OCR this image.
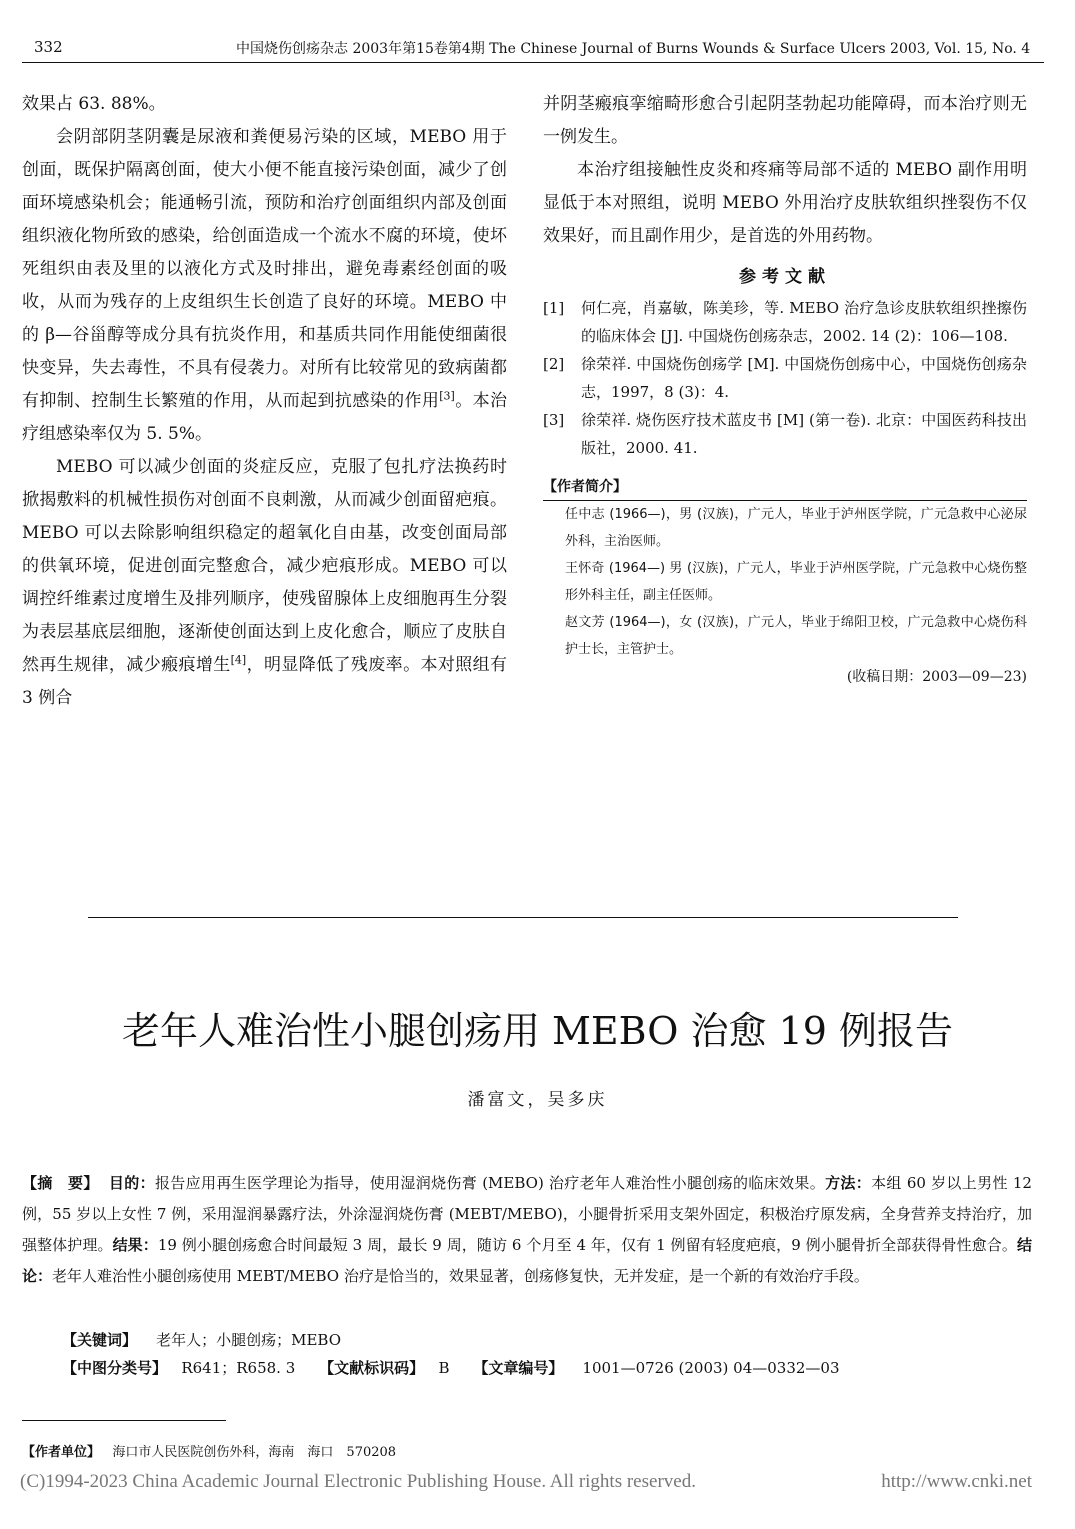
332	中国烧伤创疡杂志 2003年第15卷第4期 The Chinese Journal of Burns Wounds & Surface Ulcers 2003, Vol. 15, No. 4

效果占 63. 88%。

会阴部阴茎阴囊是尿液和粪便易污染的区域，MEBO 用于创面，既保护隔离创面，使大小便不能直接污染创面，减少了创面环境感染机会；能通畅引流，预防和治疗创面组织内部及创面组织液化物所致的感染，给创面造成一个流水不腐的环境，使坏死组织由表及里的以液化方式及时排出，避免毒素经创面的吸收，从而为残存的上皮组织生长创造了良好的环境。MEBO 中的 β—谷甾醇等成分具有抗炎作用，和基质共同作用能使细菌很快变异，失去毒性，不具有侵袭力。对所有比较常见的致病菌都有抑制、控制生长繁殖的作用，从而起到抗感染的作用[3]。本治疗组感染率仅为 5. 5%。

MEBO 可以减少创面的炎症反应，克服了包扎疗法换药时掀揭敷料的机械性损伤对创面不良刺激，从而减少创面留疤痕。MEBO 可以去除影响组织稳定的超氧化自由基，改变创面局部的供氧环境，促进创面完整愈合，减少疤痕形成。MEBO 可以调控纤维素过度增生及排列顺序，使残留腺体上皮细胞再生分裂为表层基底层细胞，逐渐使创面达到上皮化愈合，顺应了皮肤自然再生规律，减少瘢痕增生[4]，明显降低了残废率。本对照组有 3 例合

并阴茎瘢痕挛缩畸形愈合引起阴茎勃起功能障碍，而本治疗则无一例发生。

本治疗组接触性皮炎和疼痛等局部不适的 MEBO 副作用明显低于本对照组，说明 MEBO 外用治疗皮肤软组织挫裂伤不仅效果好，而且副作用少，是首选的外用药物。

参考文献

[1]	何仁亮，肖嘉敏，陈美珍，等. MEBO 治疗急诊皮肤软组织挫擦伤的临床体会 [J]. 中国烧伤创疡杂志，2002. 14 (2)：106—108.
[2]	徐荣祥. 中国烧伤创疡学 [M]. 中国烧伤创疡中心，中国烧伤创疡杂志，1997，8 (3)：4.
[3]	徐荣祥. 烧伤医疗技术蓝皮书 [M] (第一卷). 北京：中国医药科技出版社，2000. 41.

【作者简介】

任中志 (1966—)，男 (汉族)，广元人，毕业于泸州医学院，广元急救中心泌尿外科，主治医师。

王怀奇 (1964—) 男 (汉族)，广元人，毕业于泸州医学院，广元急救中心烧伤整形外科主任，副主任医师。

赵文芳 (1964—)，女 (汉族)，广元人，毕业于绵阳卫校，广元急救中心烧伤科护士长，主管护士。

(收稿日期：2003—09—23)

老年人难治性小腿创疡用 MEBO 治愈 19 例报告
潘富文，吴多庆
【摘　要】 目的：报告应用再生医学理论为指导，使用湿润烧伤膏 (MEBO) 治疗老年人难治性小腿创疡的临床效果。方法：本组 60 岁以上男性 12 例，55 岁以上女性 7 例，采用湿润暴露疗法，外涂湿润烧伤膏 (MEBT/MEBO)，小腿骨折采用支架外固定，积极治疗原发病，全身营养支持治疗，加强整体护理。结果：19 例小腿创疡愈合时间最短 3 周，最长 9 周，随访 6 个月至 4 年，仅有 1 例留有轻度疤痕，9 例小腿骨折全部获得骨性愈合。结论：老年人难治性小腿创疡使用 MEBT/MEBO 治疗是恰当的，效果显著，创疡修复快，无并发症，是一个新的有效治疗手段。
【关键词】 老年人；小腿创疡；MEBO
【中图分类号】 R641；R658. 3 【文献标识码】 B 【文章编号】 1001—0726 (2003) 04—0332—03
【作者单位】 海口市人民医院创伤外科，海南　海口　570208
(C)1994-2023 China Academic Journal Electronic Publishing House. All rights reserved.	http://www.cnki.net
